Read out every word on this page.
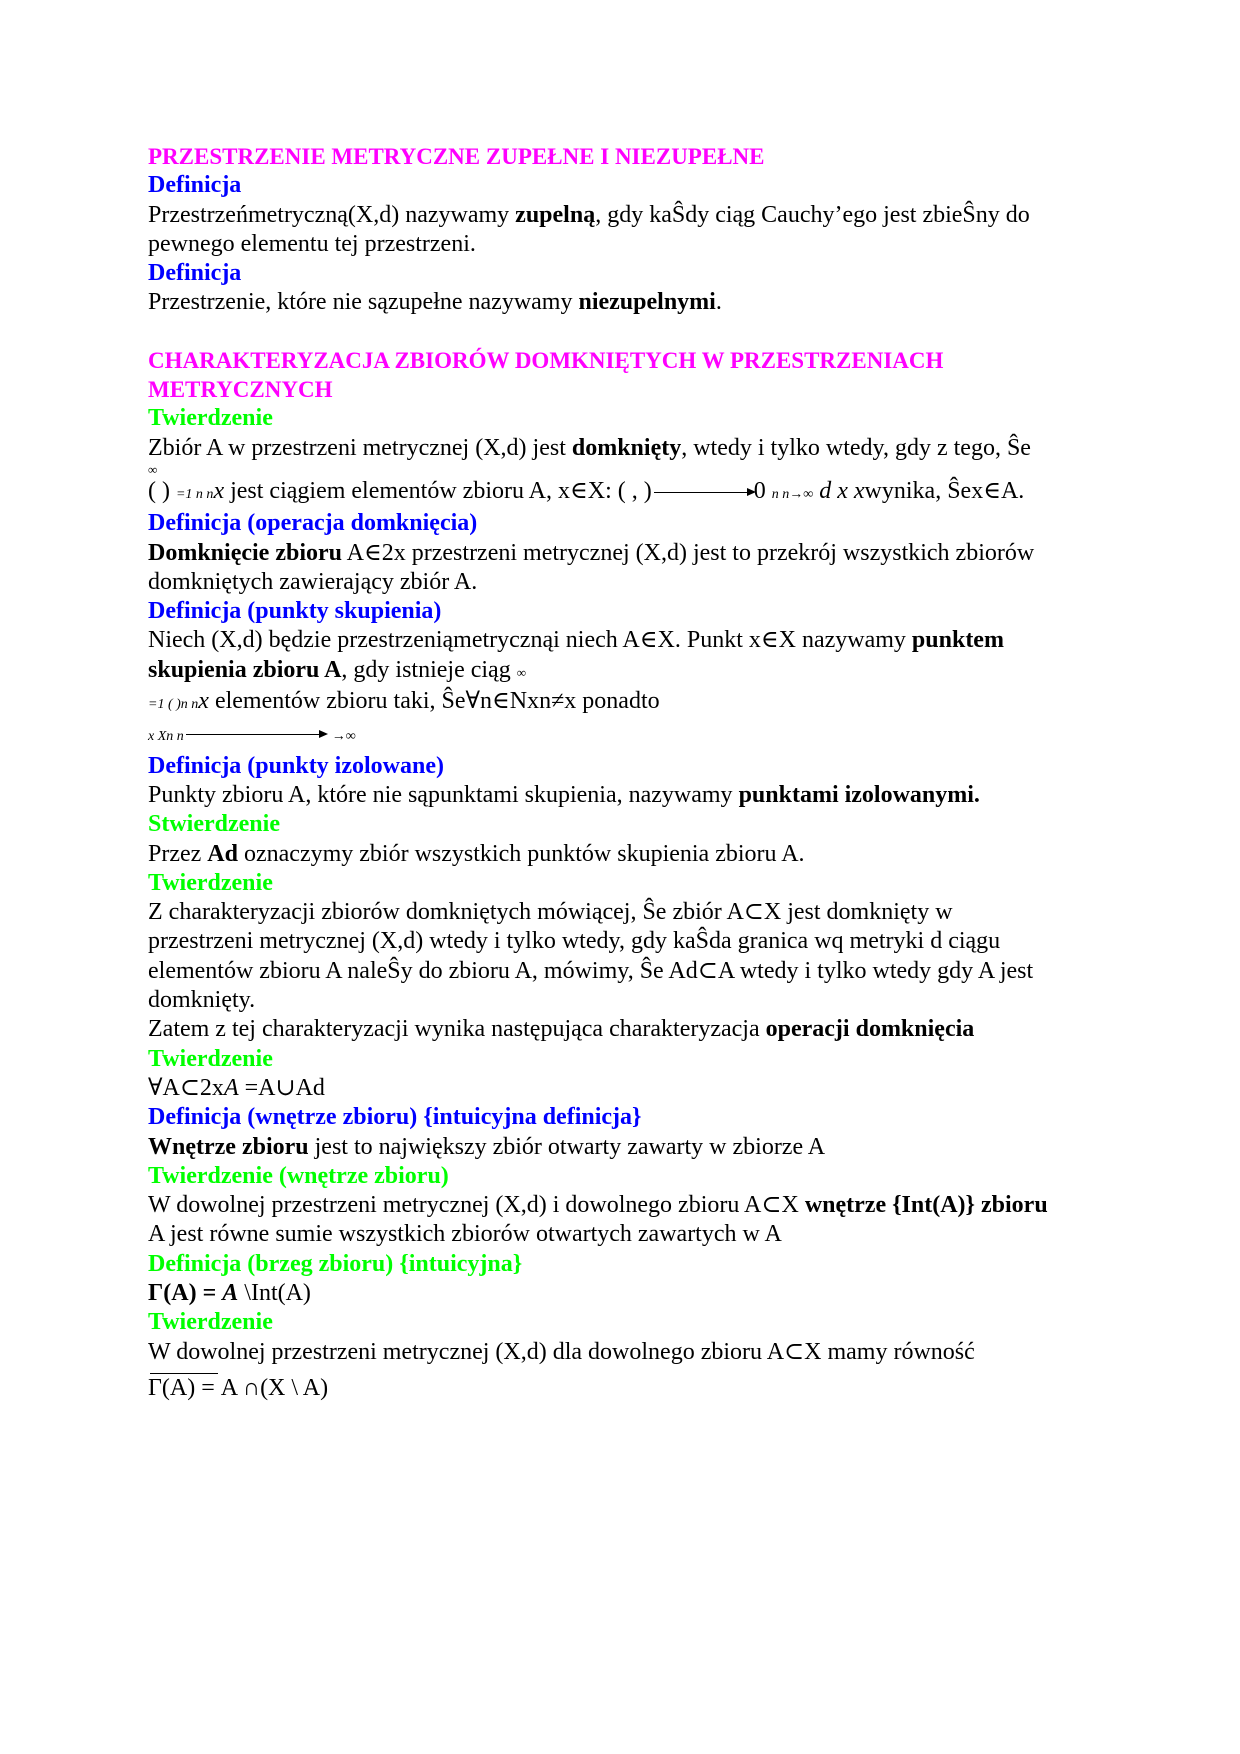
PRZESTRZENIE METRYCZNE ZUPEŁNE I NIEZUPEŁNE
Definicja
Przestrzeńmetryczną(X,d) nazywamy zupelną, gdy kaŜdy ciąg Cauchy’ego jest zbieŜny do
pewnego elementu tej przestrzeni.
Definicja
Przestrzenie, które nie sązupełne nazywamy niezupelnymi.
CHARAKTERYZACJA ZBIORÓW DOMKNIĘTYCH W PRZESTRZENIACH
METRYCZNYCH
Twierdzenie
Zbiór A w przestrzeni metrycznej (X,d) jest domknięty, wtedy i tylko wtedy, gdy z tego, Ŝe
∞
( ) =1 n nx jest ciągiem elementów zbioru A, x∈X: ( , )	0 n n→∞ d x xwynika, Ŝex∈A.
Definicja (operacja domknięcia)
Domknięcie zbioru A∈2x przestrzeni metrycznej (X,d) jest to przekrój wszystkich zbiorów
domkniętych zawierający zbiór A.
Definicja (punkty skupienia)
Niech (X,d) będzie przestrzeniąmetrycznąi niech A∈X. Punkt x∈X nazywamy punktem
skupienia zbioru A, gdy istnieje ciąg ∞
=1 ( )n nx elementów zbioru taki, Ŝe∀n∈Nxn≠x ponadto
x Xn n	→∞
Definicja (punkty izolowane)
Punkty zbioru A, które nie sąpunktami skupienia, nazywamy punktami izolowanymi.
Stwierdzenie
Przez Ad oznaczymy zbiór wszystkich punktów skupienia zbioru A.
Twierdzenie
Z charakteryzacji zbiorów domkniętych mówiącej, Ŝe zbiór A⊂X jest domknięty w
przestrzeni metrycznej (X,d) wtedy i tylko wtedy, gdy kaŜda granica wq metryki d ciągu
elementów zbioru A naleŜy do zbioru A, mówimy, Ŝe Ad⊂A wtedy i tylko wtedy gdy A jest
domknięty.
Zatem z tej charakteryzacji wynika następująca charakteryzacja operacji domknięcia
Twierdzenie
∀A⊂2xA =A∪Ad
Definicja (wnętrze zbioru) {intuicyjna definicja}
Wnętrze zbioru jest to największy zbiór otwarty zawarty w zbiorze A
Twierdzenie (wnętrze zbioru)
W dowolnej przestrzeni metrycznej (X,d) i dowolnego zbioru A⊂X wnętrze {Int(A)} zbioru
A jest równe sumie wszystkich zbiorów otwartych zawartych w A
Definicja (brzeg zbioru) {intuicyjna}
Γ(A) = A \Int(A)
Twierdzenie
W dowolnej przestrzeni metrycznej (X,d) dla dowolnego zbioru A⊂X mamy równość
Γ(A) = A ∩(X \ A)
